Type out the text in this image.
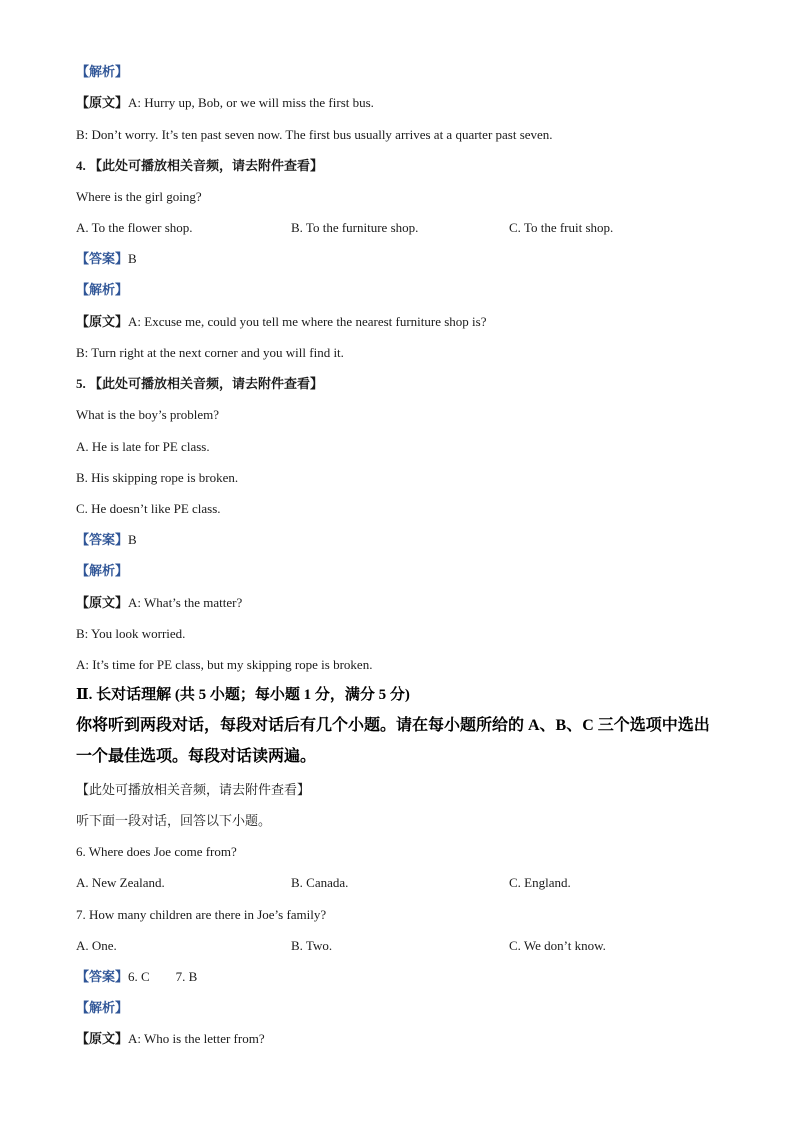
【解析】
【原文】A: Hurry up, Bob, or we will miss the first bus.
B: Don’t worry. It’s ten past seven now. The first bus usually arrives at a quarter past seven.
4. 【此处可播放相关音频，请去附件查看】
Where is the girl going?
A. To the flower shop.	B. To the furniture shop.	C. To the fruit shop.
【答案】B
【解析】
【原文】A: Excuse me, could you tell me where the nearest furniture shop is?
B: Turn right at the next corner and you will find it.
5. 【此处可播放相关音频，请去附件查看】
What is the boy’s problem?
A. He is late for PE class.
B. His skipping rope is broken.
C. He doesn’t like PE class.
【答案】B
【解析】
【原文】A: What’s the matter?
B: You look worried.
A: It’s time for PE class, but my skipping rope is broken.
Ⅱ. 长对话理解 (共 5 小题；每小题 1 分，满分 5 分)
你将听到两段对话，每段对话后有几个小题。请在每小题所给的 A、B、C 三个选项中选出
一个最佳选项。每段对话读两遍。
【此处可播放相关音频，请去附件查看】
听下面一段对话，回答以下小题。
6. Where does Joe come from?
A. New Zealand.	B. Canada.	C. England.
7. How many children are there in Joe’s family?
A. One.	B. Two.	C. We don’t know.
【答案】6. C        7. B
【解析】
【原文】A: Who is the letter from?
